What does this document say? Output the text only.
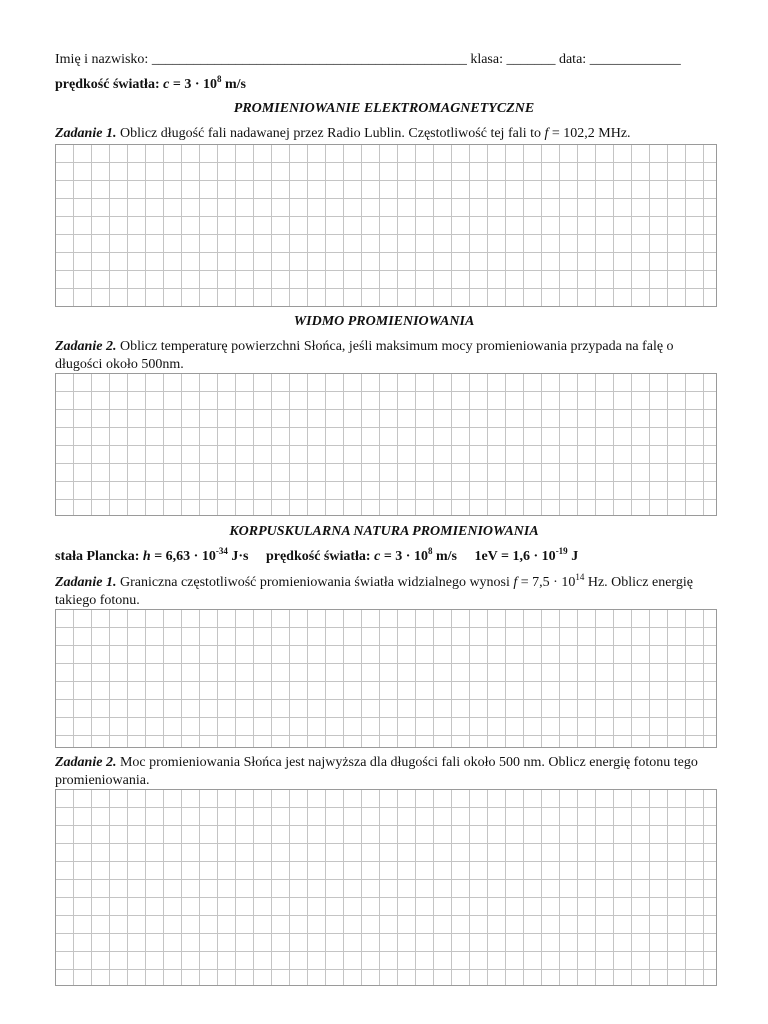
Imię i nazwisko: _____________________________________________ klasa: _______ data: _____________
prędkość światła: $c = 3 \cdot 10^8$ m/s
PROMIENIOWANIE ELEKTROMAGNETYCZNE
Zadanie 1. Oblicz długość fali nadawanej przez Radio Lublin. Częstotliwość tej fali to f = 102,2 MHz.
WIDMO PROMIENIOWANIA
Zadanie 2. Oblicz temperaturę powierzchni Słońca, jeśli maksimum mocy promieniowania przypada na falę o długości około 500nm.
KORPUSKULARNA NATURA PROMIENIOWANIA
stała Plancka: $h = 6,63 \cdot 10^{-34}$ J·s prędkość światła: $c = 3 \cdot 10^8$ m/s $1eV = 1,6 \cdot 10^{-19}$ J
Zadanie 1. Graniczna częstotliwość promieniowania światła widzialnego wynosi $f = 7,5 \cdot 10^{14}$ Hz. Oblicz energię takiego fotonu.
Zadanie 2. Moc promieniowania Słońca jest najwyższa dla długości fali około 500 nm. Oblicz energię fotonu tego promieniowania.
